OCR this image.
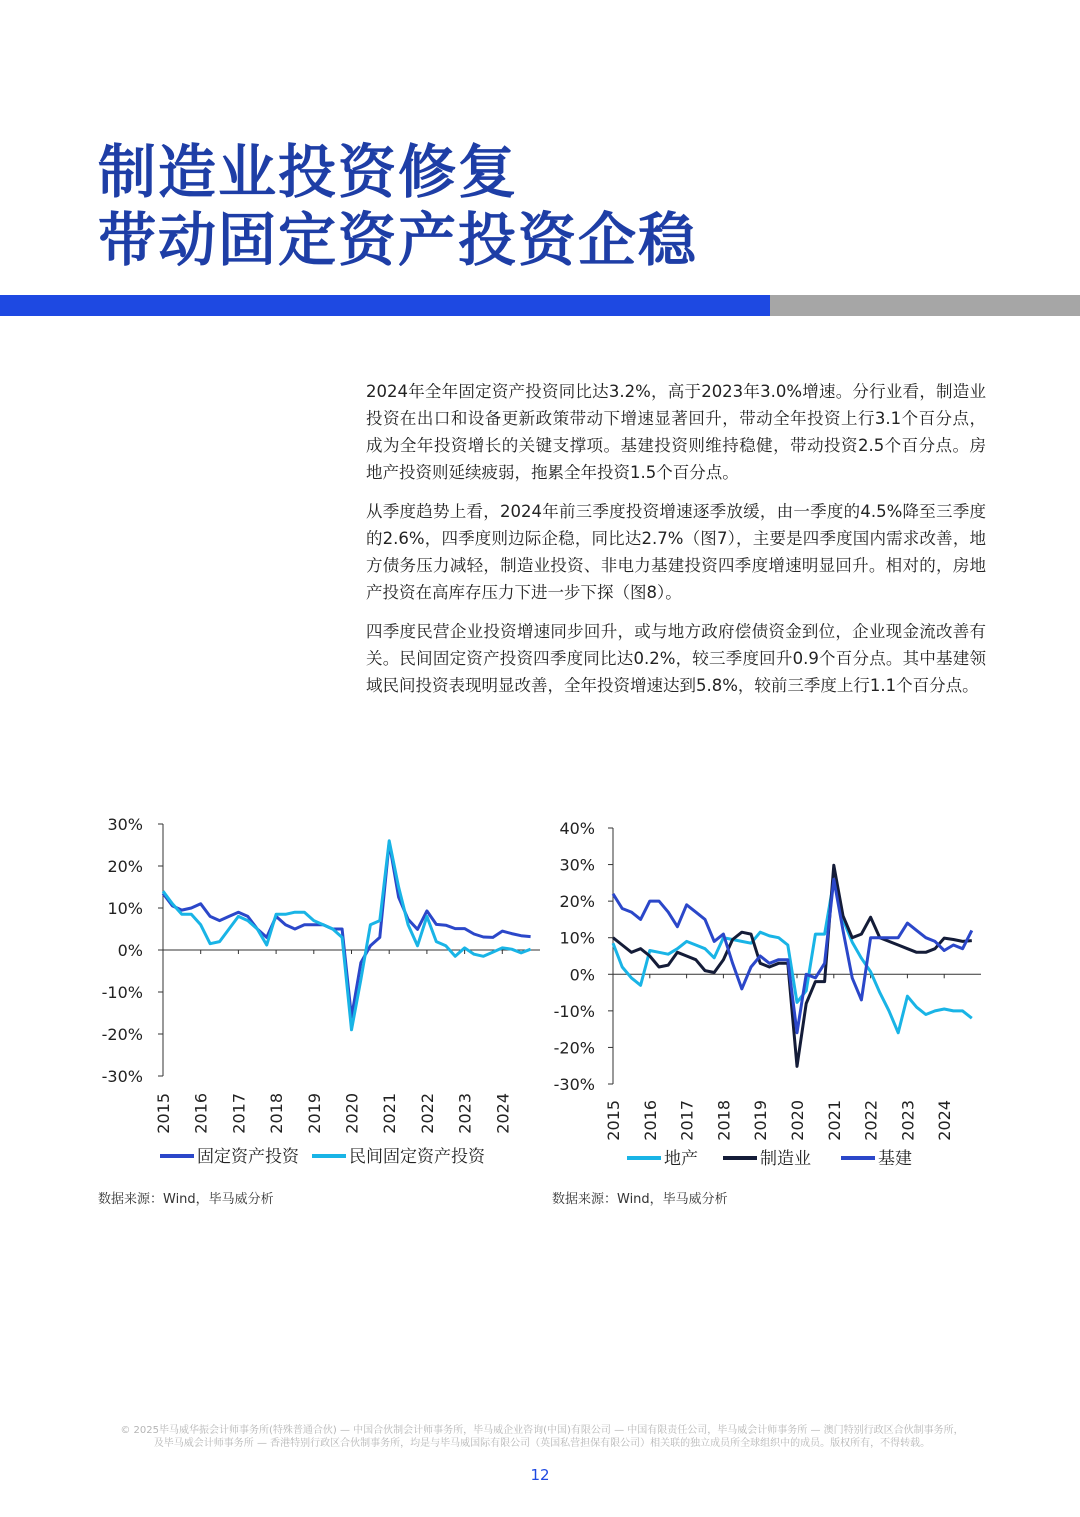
制造业投资修复
带动固定资产投资企稳

2024年全年固定资产投资同比达3.2%，高于2023年3.0%增速。分行业看，制造业投资在出口和设备更新政策带动下增速显著回升，带动全年投资上行3.1个百分点，成为全年投资增长的关键支撑项。基建投资则维持稳健，带动投资2.5个百分点。房地产投资则延续疲弱，拖累全年投资1.5个百分点。

从季度趋势上看，2024年前三季度投资增速逐季放缓，由一季度的4.5%降至三季度的2.6%，四季度则边际企稳，同比达2.7%（图7），主要是四季度国内需求改善，地方债务压力减轻，制造业投资、非电力基建投资四季度增速明显回升。相对的，房地产投资在高库存压力下进一步下探（图8）。

四季度民营企业投资增速同步回升，或与地方政府偿债资金到位，企业现金流改善有关。民间固定资产投资四季度同比达0.2%，较三季度回升0.9个百分点。其中基建领域民间投资表现明显改善，全年投资增速达到5.8%，较前三季度上行1.1个百分点。

30%
20%
10%
0%
-10%
-20%
-30%
2015 2016 2017 2018 2019 2020 2021 2022 2023 2024
固定资产投资	民间固定资产投资
40%
30%
20%
10%
0%
-10%
-20%
-30%
2015 2016 2017 2018 2019 2020 2021 2022 2023 2024
地产	制造业	基建
数据来源：Wind，毕马威分析	数据来源：Wind，毕马威分析
© 2025毕马威华振会计师事务所(特殊普通合伙) — 中国合伙制会计师事务所，毕马威企业咨询(中国)有限公司 — 中国有限责任公司，毕马威会计师事务所 — 澳门特别行政区合伙制事务所，
及毕马威会计师事务所 — 香港特别行政区合伙制事务所，均是与毕马威国际有限公司（英国私营担保有限公司）相关联的独立成员所全球组织中的成员。版权所有，不得转载。
12
